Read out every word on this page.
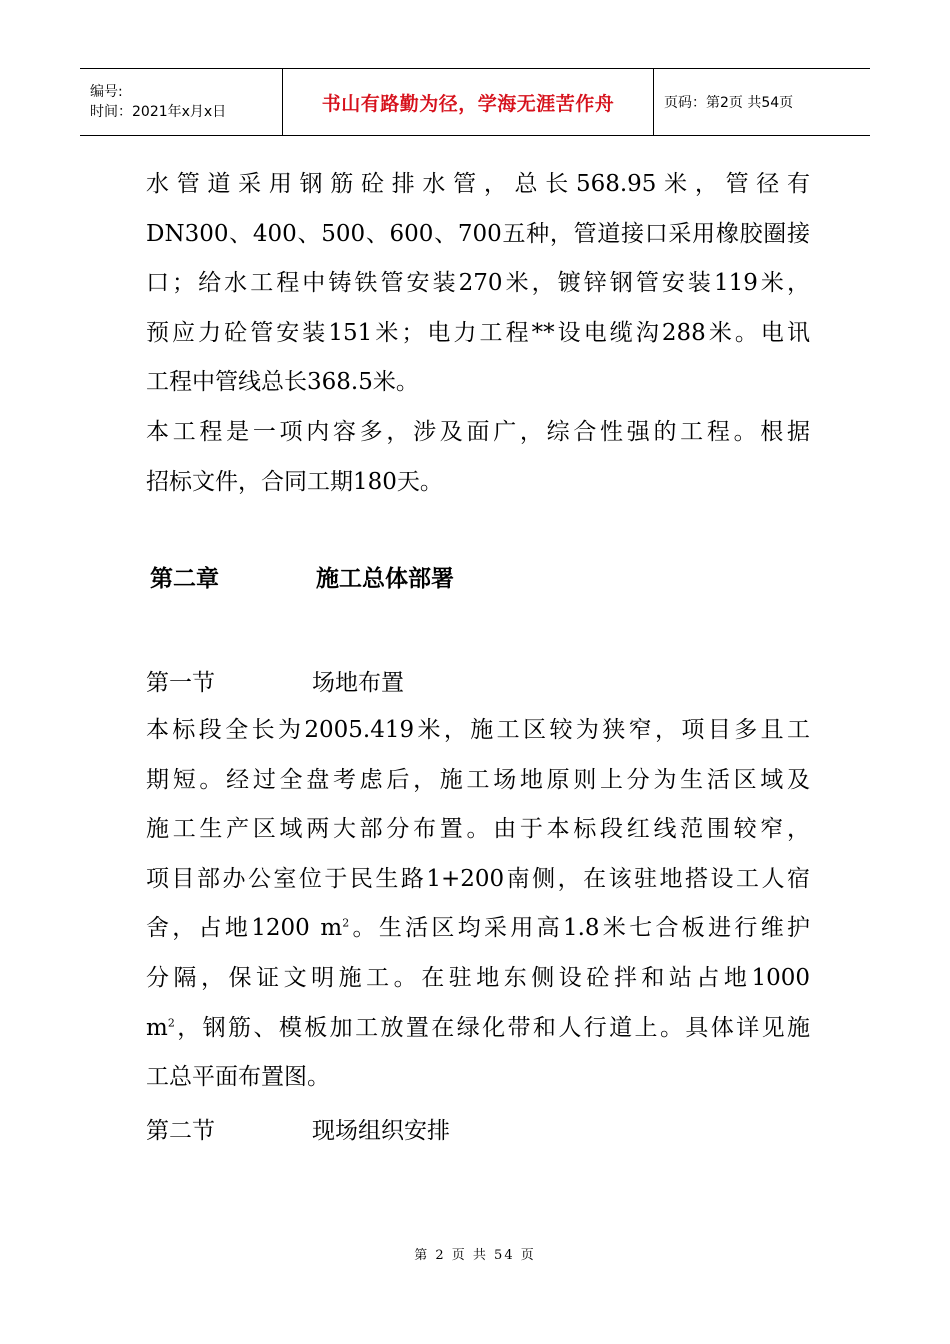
编号:
时间：2021年x月x日	书山有路勤为径，学海无涯苦作舟	页码：第2页 共54页
水管道采用钢筋砼排水管，总长568.95米，管径有
DN300、400、500、600、700五种，管道接口采用橡胶圈接
口；给水工程中铸铁管安装270米，镀锌钢管安装119米，
预应力砼管安装151米；电力工程**设电缆沟288米。电讯
工程中管线总长368.5米。
本工程是一项内容多，涉及面广，综合性强的工程。根据
招标文件，合同工期180天。
第二章	施工总体部署
第一节	场地布置
本标段全长为2005.419米，施工区较为狭窄，项目多且工
期短。经过全盘考虑后，施工场地原则上分为生活区域及
施工生产区域两大部分布置。由于本标段红线范围较窄，
项目部办公室位于民生路1+200南侧，在该驻地搭设工人宿
舍，占地1200 $m^2$。生活区均采用高1.8米七合板进行维护
分隔，保证文明施工。在驻地东侧设砼拌和站占地1000
$m^2$，钢筋、模板加工放置在绿化带和人行道上。具体详见施
工总平面布置图。
第二节	现场组织安排
第 2 页 共 54 页
